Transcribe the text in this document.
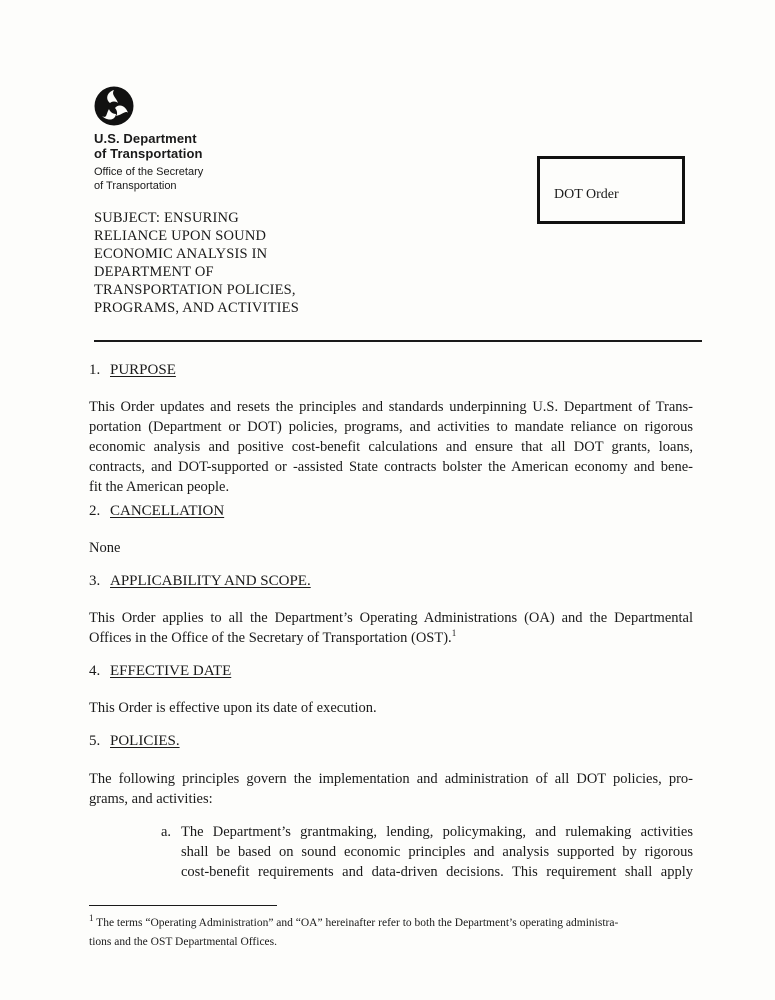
U.S. Department
of Transportation
Office of the Secretary
of Transportation
SUBJECT: ENSURING
RELIANCE UPON SOUND
ECONOMIC ANALYSIS IN
DEPARTMENT OF
TRANSPORTATION POLICIES,
PROGRAMS, AND ACTIVITIES
DOT Order
1. PURPOSE
This Order updates and resets the principles and standards underpinning U.S. Department of Trans-
portation (Department or DOT) policies, programs, and activities to mandate reliance on rigorous
economic analysis and positive cost-benefit calculations and ensure that all DOT grants, loans,
contracts, and DOT-supported or -assisted State contracts bolster the American economy and bene-
fit the American people.
2. CANCELLATION
None
3. APPLICABILITY AND SCOPE.
This Order applies to all the Department’s Operating Administrations (OA) and the Departmental
Offices in the Office of the Secretary of Transportation (OST).$^1$
4. EFFECTIVE DATE
This Order is effective upon its date of execution.
5. POLICIES.
The following principles govern the implementation and administration of all DOT policies, pro-
grams, and activities:
a. The Department’s grantmaking, lending, policymaking, and rulemaking activities
shall be based on sound economic principles and analysis supported by rigorous
cost-benefit requirements and data-driven decisions. This requirement shall apply
$^1$ The terms “Operating Administration” and “OA” hereinafter refer to both the Department’s operating administra-
tions and the OST Departmental Offices.
